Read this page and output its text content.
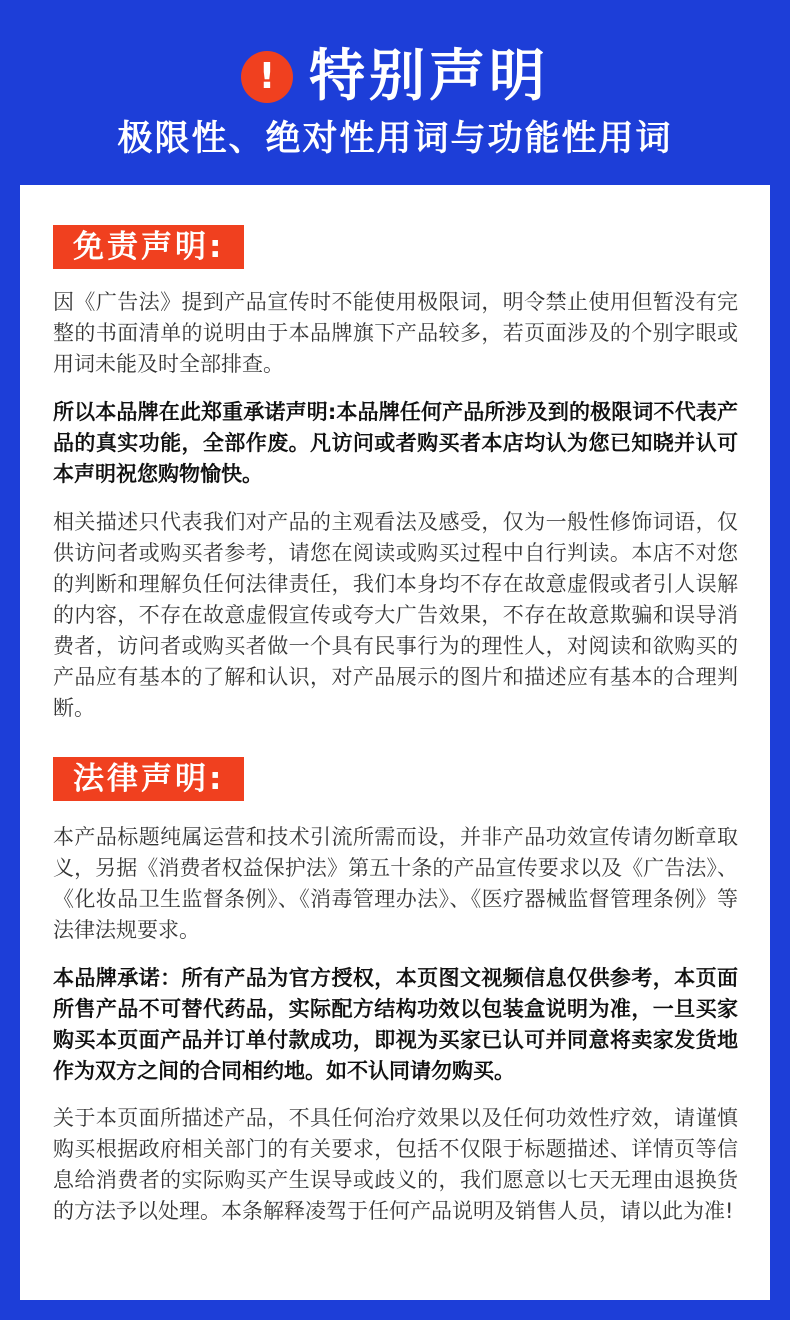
! 特别声明
极限性、绝对性用词与功能性用词
免责声明:

因《广告法》提到产品宣传时不能使用极限词，明令禁止使用但暂没有完整的书面清单的说明由于本品牌旗下产品较多，若页面涉及的个别字眼或用词未能及时全部排查。

所以本品牌在此郑重承诺声明:本品牌任何产品所涉及到的极限词不代表产品的真实功能，全部作废。凡访问或者购买者本店均认为您已知晓并认可本声明祝您购物愉快。

相关描述只代表我们对产品的主观看法及感受，仅为一般性修饰词语，仅供访问者或购买者参考，请您在阅读或购买过程中自行判读。本店不对您的判断和理解负任何法律责任，我们本身均不存在故意虚假或者引人误解的内容，不存在故意虚假宣传或夸大广告效果，不存在故意欺骗和误导消费者，访问者或购买者做一个具有民事行为的理性人，对阅读和欲购买的产品应有基本的了解和认识，对产品展示的图片和描述应有基本的合理判断。

法律声明:

本产品标题纯属运营和技术引流所需而设，并非产品功效宣传请勿断章取义，另据《消费者权益保护法》第五十条的产品宣传要求以及《广告法》、《化妆品卫生监督条例》、《消毒管理办法》、《医疗器械监督管理条例》等法律法规要求。

本品牌承诺：所有产品为官方授权，本页图文视频信息仅供参考，本页面所售产品不可替代药品，实际配方结构功效以包装盒说明为准，一旦买家购买本页面产品并订单付款成功，即视为买家已认可并同意将卖家发货地作为双方之间的合同相约地。如不认同请勿购买。

关于本页面所描述产品，不具任何治疗效果以及任何功效性疗效，请谨慎购买根据政府相关部门的有关要求，包括不仅限于标题描述、详情页等信息给消费者的实际购买产生误导或歧义的，我们愿意以七天无理由退换货的方法予以处理。本条解释凌驾于任何产品说明及销售人员，请以此为准!
